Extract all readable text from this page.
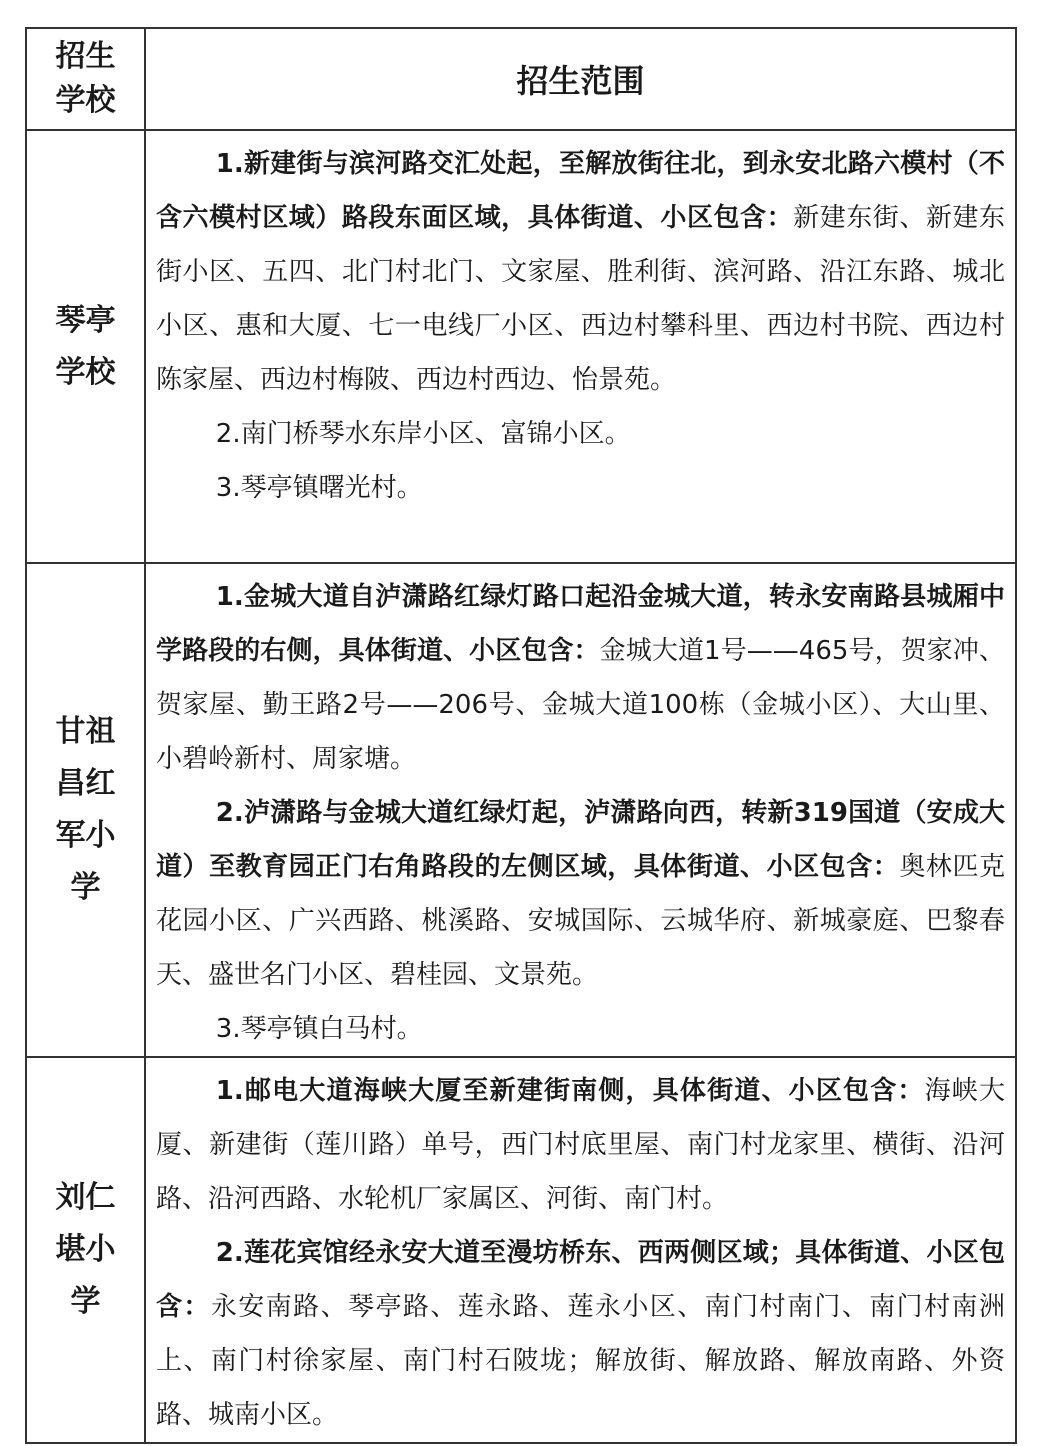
招生学校	招生范围

琴亭学校	1.新建街与滨河路交汇处起，至解放街往北，到永安北路六模村（不含六模村区域）路段东面区域，具体街道、小区包含：新建东街、新建东街小区、五四、北门村北门、文家屋、胜利街、滨河路、沿江东路、城北小区、惠和大厦、七一电线厂小区、西边村攀科里、西边村书院、西边村陈家屋、西边村梅陂、西边村西边、怡景苑。

2.南门桥琴水东岸小区、富锦小区。

3.琴亭镇曙光村。

甘祖昌红军小学	1.金城大道自泸潇路红绿灯路口起沿金城大道，转永安南路县城厢中学路段的右侧，具体街道、小区包含：金城大道1号——465号，贺家冲、贺家屋、勤王路2号——206号、金城大道100栋（金城小区）、大山里、小碧岭新村、周家塘。

2.泸潇路与金城大道红绿灯起，泸潇路向西，转新319国道（安成大道）至教育园正门右角路段的左侧区域，具体街道、小区包含：奥林匹克花园小区、广兴西路、桃溪路、安城国际、云城华府、新城豪庭、巴黎春天、盛世名门小区、碧桂园、文景苑。

3.琴亭镇白马村。

刘仁堪小学	1.邮电大道海峡大厦至新建街南侧，具体街道、小区包含：海峡大厦、新建街（莲川路）单号，西门村底里屋、南门村龙家里、横街、沿河路、沿河西路、水轮机厂家属区、河街、南门村。

2.莲花宾馆经永安大道至漫坊桥东、西两侧区域；具体街道、小区包含：永安南路、琴亭路、莲永路、莲永小区、南门村南门、南门村南洲上、南门村徐家屋、南门村石陂垅；解放街、解放路、解放南路、外资路、城南小区。
